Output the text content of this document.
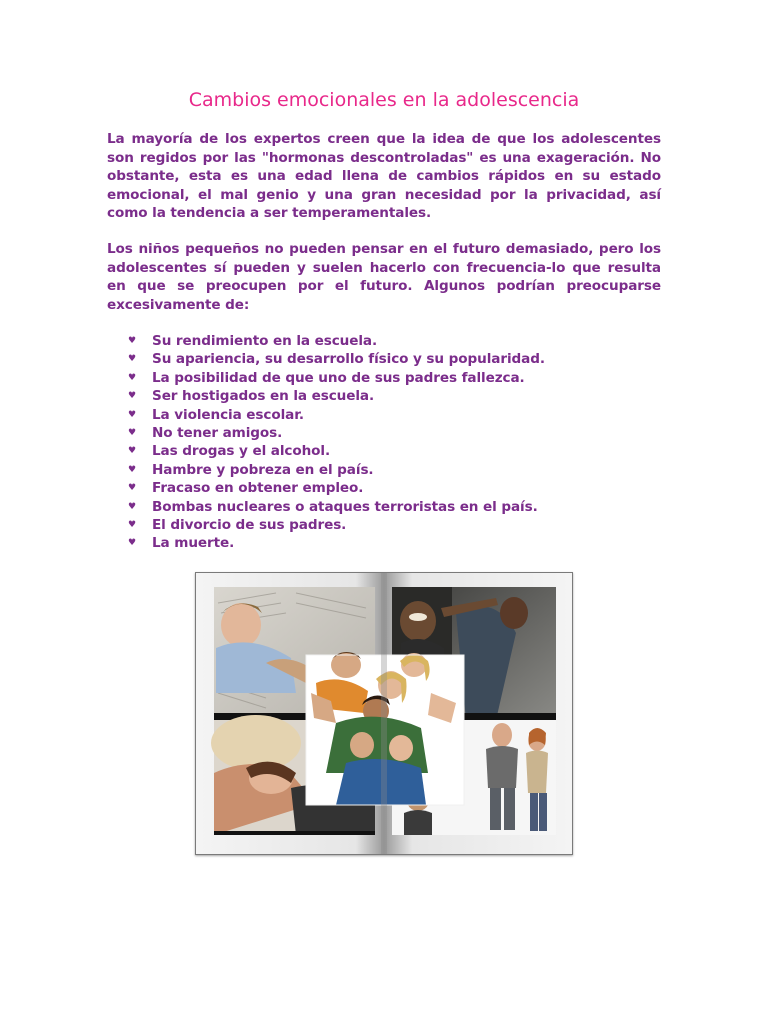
Cambios emocionales en la adolescencia

La mayoría de los expertos creen que la idea de que los adolescentes son regidos por las "hormonas descontroladas" es una exageración. No obstante, esta es una edad llena de cambios rápidos en su estado emocional, el mal genio y una gran necesidad por la privacidad, así como la tendencia a ser temperamentales.

Los niños pequeños no pueden pensar en el futuro demasiado, pero los adolescentes sí pueden y suelen hacerlo con frecuencia-lo que resulta en que se preocupen por el futuro. Algunos podrían preocuparse excesivamente de:

♥ Su rendimiento en la escuela.
♥ Su apariencia, su desarrollo físico y su popularidad.
♥ La posibilidad de que uno de sus padres fallezca.
♥ Ser hostigados en la escuela.
♥ La violencia escolar.
♥ No tener amigos.
♥ Las drogas y el alcohol.
♥ Hambre y pobreza en el país.
♥ Fracaso en obtener empleo.
♥ Bombas nucleares o ataques terroristas en el país.
♥ El divorcio de sus padres.
♥ La muerte.
